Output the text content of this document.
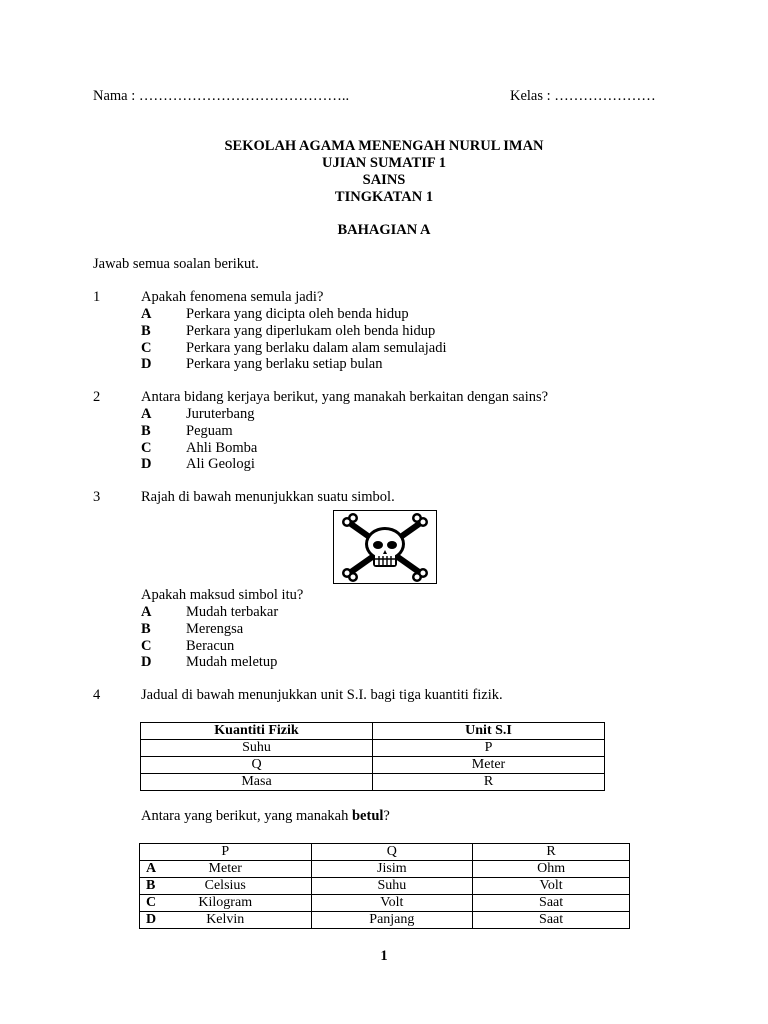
Nama : ……………………………………..	Kelas : …………………
SEKOLAH AGAMA MENENGAH NURUL IMAN
UJIAN SUMATIF 1
SAINS
TINGKATAN 1
BAHAGIAN A
Jawab semua soalan berikut.
1	Apakah fenomena semula jadi?
A Perkara yang dicipta oleh benda hidup
B Perkara yang diperlukam oleh benda hidup
C Perkara yang berlaku dalam alam semulajadi
D Perkara yang berlaku setiap bulan
2	Antara bidang kerjaya berikut, yang manakah berkaitan dengan sains?
A Juruterbang
B Peguam
C Ahli Bomba
D Ali Geologi
3	Rajah di bawah menunjukkan suatu simbol.
Apakah maksud simbol itu?
A Mudah terbakar
B Merengsa
C Beracun
D Mudah meletup
4	Jadual di bawah menunjukkan unit S.I. bagi tiga kuantiti fizik.
Kuantiti Fizik	Unit S.I
Suhu	P
Q	Meter
Masa	R
Antara yang berikut, yang manakah betul?
P	Q	R

A Meter	Jisim	Ohm

B Celsius	Suhu	Volt

C Kilogram	Volt	Saat

D Kelvin	Panjang	Saat
1
